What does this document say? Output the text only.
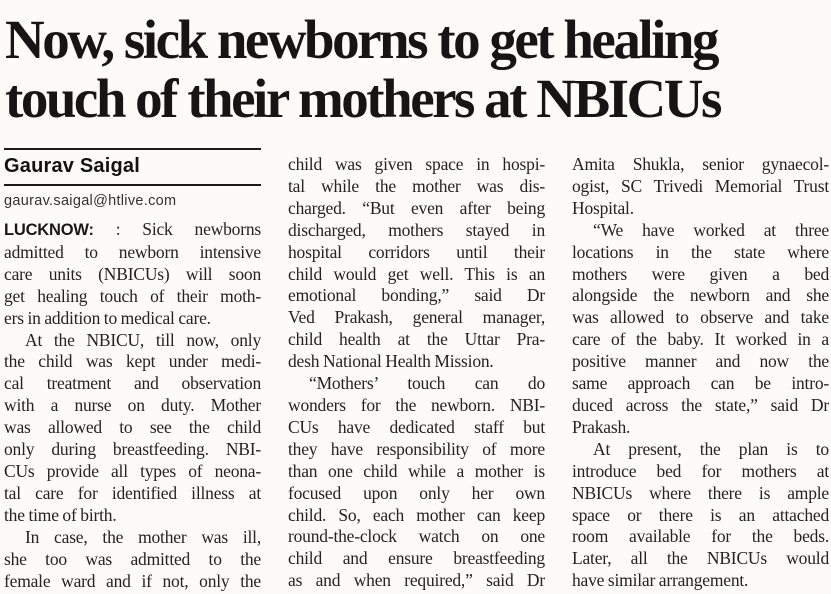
Now, sick newborns to get healing
touch of their mothers at NBICUs
Gaurav Saigal
gaurav.saigal@htlive.com
LUCKNOW: : Sick newborns
admitted to newborn intensive
care units (NBICUs) will soon
get healing touch of their moth-
ers in addition to medical care.
At the NBICU, till now, only
the child was kept under medi-
cal treatment and observation
with a nurse on duty. Mother
was allowed to see the child
only during breastfeeding. NBI-
CUs provide all types of neona-
tal care for identified illness at
the time of birth.
In case, the mother was ill,
she too was admitted to the
female ward and if not, only the
child was given space in hospi-
tal while the mother was dis-
charged. “But even after being
discharged, mothers stayed in
hospital corridors until their
child would get well. This is an
emotional bonding,” said Dr
Ved Prakash, general manager,
child health at the Uttar Pra-
desh National Health Mission.
“Mothers’ touch can do
wonders for the newborn. NBI-
CUs have dedicated staff but
they have responsibility of more
than one child while a mother is
focused upon only her own
child. So, each mother can keep
round-the-clock watch on one
child and ensure breastfeeding
as and when required,” said Dr
Amita Shukla, senior gynaecol-
ogist, SC Trivedi Memorial Trust
Hospital.
“We have worked at three
locations in the state where
mothers were given a bed
alongside the newborn and she
was allowed to observe and take
care of the baby. It worked in a
positive manner and now the
same approach can be intro-
duced across the state,” said Dr
Prakash.
At present, the plan is to
introduce bed for mothers at
NBICUs where there is ample
space or there is an attached
room available for the beds.
Later, all the NBICUs would
have similar arrangement.
